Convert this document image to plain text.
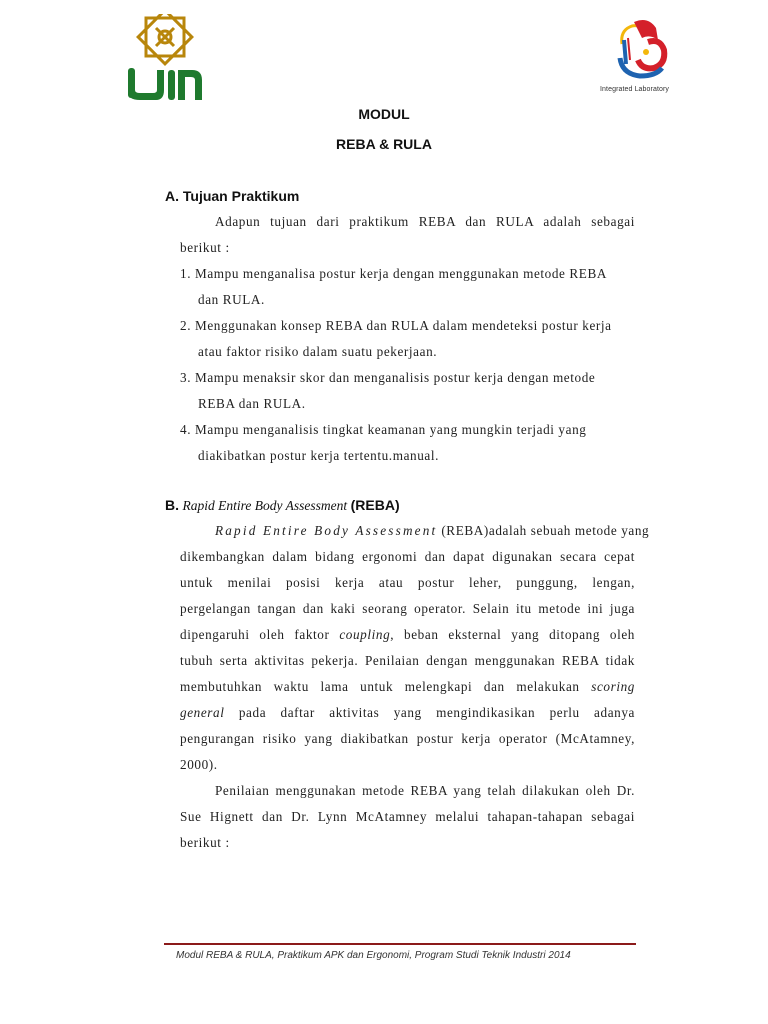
Integrated Laboratory
MODUL
REBA & RULA
A. Tujuan Praktikum
Adapun tujuan dari praktikum REBA dan RULA adalah sebagai
berikut :
1. Mampu menganalisa postur kerja dengan menggunakan metode REBA
dan RULA.
2. Menggunakan konsep REBA dan RULA dalam mendeteksi postur kerja
atau faktor risiko dalam suatu pekerjaan.
3. Mampu menaksir skor dan menganalisis postur kerja dengan metode
REBA dan RULA.
4. Mampu menganalisis tingkat keamanan yang mungkin terjadi yang
diakibatkan postur kerja tertentu.manual.
B. Rapid Entire Body Assessment (REBA)
Rapid Entire Body Assessment (REBA)adalah sebuah metode yang
dikembangkan dalam bidang ergonomi dan dapat digunakan secara cepat
untuk menilai posisi kerja atau postur leher, punggung, lengan,
pergelangan tangan dan kaki seorang operator. Selain itu metode ini juga
dipengaruhi oleh faktor coupling, beban eksternal yang ditopang oleh
tubuh serta aktivitas pekerja. Penilaian dengan menggunakan REBA tidak
membutuhkan waktu lama untuk melengkapi dan melakukan scoring
general pada daftar aktivitas yang mengindikasikan perlu adanya
pengurangan risiko yang diakibatkan postur kerja operator (McAtamney,
2000).
Penilaian menggunakan metode REBA yang telah dilakukan oleh Dr.
Sue Hignett dan Dr. Lynn McAtamney melalui tahapan-tahapan sebagai
berikut :
Modul REBA & RULA, Praktikum APK dan Ergonomi, Program Studi Teknik Industri 2014
